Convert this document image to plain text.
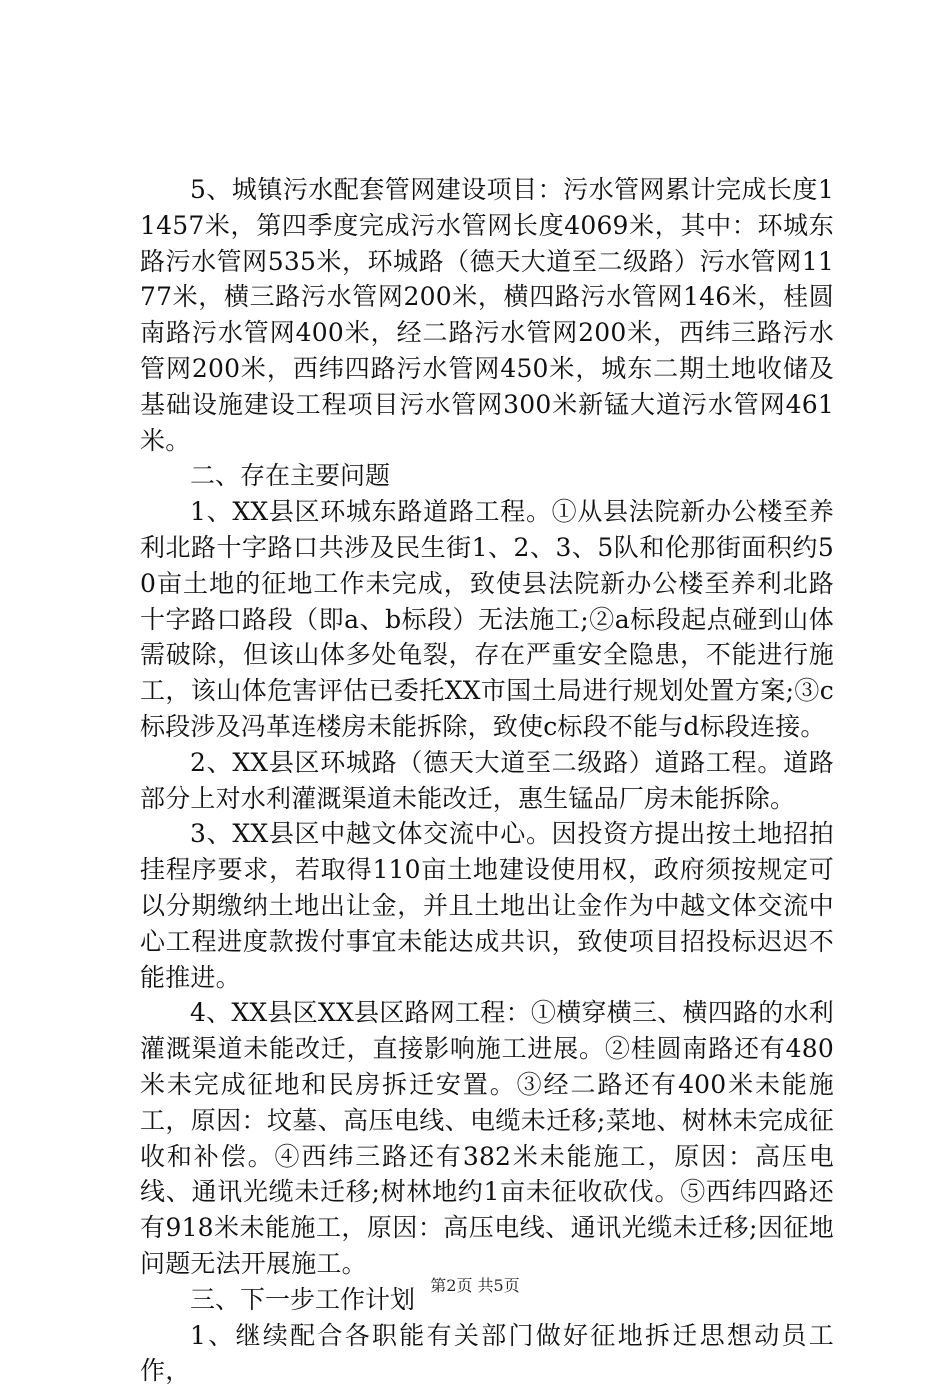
5、城镇污水配套管网建设项目：污水管网累计完成长度11457米，第四季度完成污水管网长度4069米，其中：环城东路污水管网535米，环城路（德天大道至二级路）污水管网1177米，横三路污水管网200米，横四路污水管网146米，桂圆南路污水管网400米，经二路污水管网200米，西纬三路污水管网200米，西纬四路污水管网450米，城东二期土地收储及基础设施建设工程项目污水管网300米新锰大道污水管网461米。

二、存在主要问题

1、XX县区环城东路道路工程。①从县法院新办公楼至养利北路十字路口共涉及民生街1、2、3、5队和伦那街面积约50亩土地的征地工作未完成，致使县法院新办公楼至养利北路十字路口路段（即a、b标段）无法施工;②a标段起点碰到山体需破除，但该山体多处龟裂，存在严重安全隐患，不能进行施工，该山体危害评估已委托XX市国土局进行规划处置方案;③c标段涉及冯革连楼房未能拆除，致使c标段不能与d标段连接。

2、XX县区环城路（德天大道至二级路）道路工程。道路部分上对水利灌溉渠道未能改迁，惠生锰品厂房未能拆除。

3、XX县区中越文体交流中心。因投资方提出按土地招拍挂程序要求，若取得110亩土地建设使用权，政府须按规定可以分期缴纳土地出让金，并且土地出让金作为中越文体交流中心工程进度款拨付事宜未能达成共识，致使项目招投标迟迟不能推进。

4、XX县区XX县区路网工程：①横穿横三、横四路的水利灌溉渠道未能改迁，直接影响施工进展。②桂圆南路还有480米未完成征地和民房拆迁安置。③经二路还有400米未能施工，原因：坟墓、高压电线、电缆未迁移;菜地、树林未完成征收和补偿。④西纬三路还有382米未能施工，原因：高压电线、通讯光缆未迁移;树林地约1亩未征收砍伐。⑤西纬四路还有918米未能施工，原因：高压电线、通讯光缆未迁移;因征地问题无法开展施工。

三、下一步工作计划

1、继续配合各职能有关部门做好征地拆迁思想动员工作，

第2页 共5页
